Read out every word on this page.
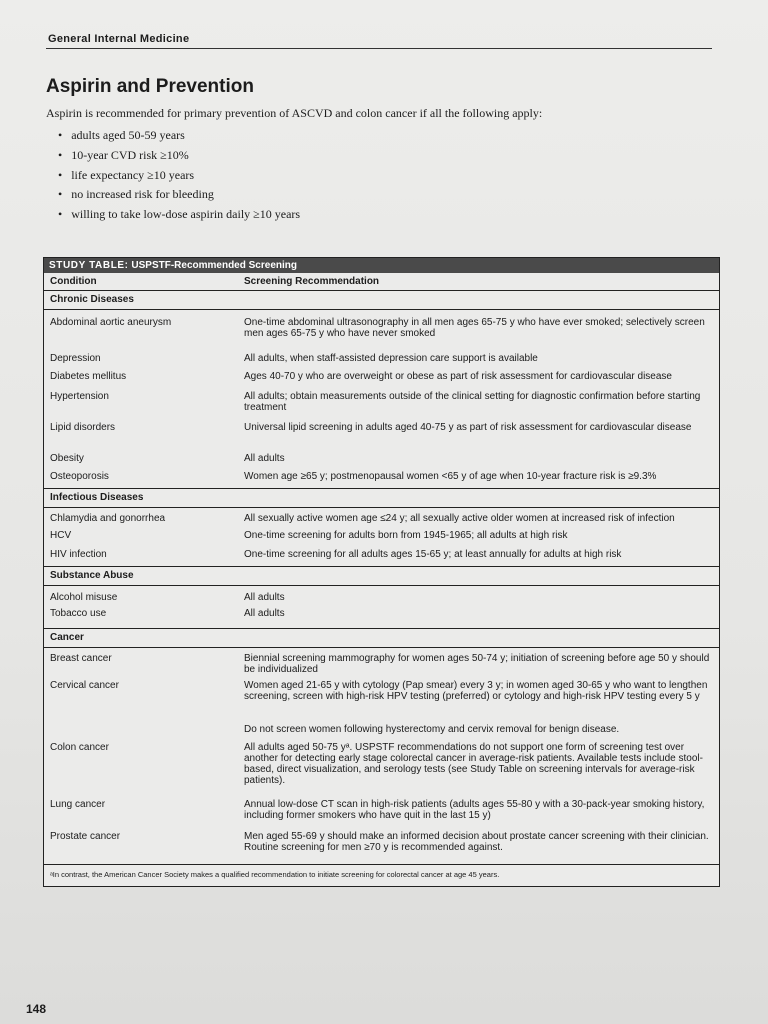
General Internal Medicine
Aspirin and Prevention
Aspirin is recommended for primary prevention of ASCVD and colon cancer if all the following apply:
• adults aged 50-59 years
• 10-year CVD risk ≥10%
• life expectancy ≥10 years
• no increased risk for bleeding
• willing to take low-dose aspirin daily ≥10 years
STUDY TABLE: USPSTF-Recommended Screening
Condition	Screening Recommendation
Chronic Diseases
Abdominal aortic aneurysm	One-time abdominal ultrasonography in all men ages 65-75 y who have ever smoked; selectively screen men ages 65-75 y who have never smoked
Depression	All adults, when staff-assisted depression care support is available
Diabetes mellitus	Ages 40-70 y who are overweight or obese as part of risk assessment for cardiovascular disease
Hypertension	All adults; obtain measurements outside of the clinical setting for diagnostic confirmation before starting treatment
Lipid disorders	Universal lipid screening in adults aged 40-75 y as part of risk assessment for cardiovascular disease
Obesity	All adults
Osteoporosis	Women age ≥65 y; postmenopausal women <65 y of age when 10-year fracture risk is ≥9.3%
Infectious Diseases
Chlamydia and gonorrhea	All sexually active women age ≤24 y; all sexually active older women at increased risk of infection
HCV	One-time screening for adults born from 1945-1965; all adults at high risk
HIV infection	One-time screening for all adults ages 15-65 y; at least annually for adults at high risk
Substance Abuse
Alcohol misuse	All adults
Tobacco use	All adults
Cancer
Breast cancer	Biennial screening mammography for women ages 50-74 y; initiation of screening before age 50 y should be individualized
Cervical cancer	Women aged 21-65 y with cytology (Pap smear) every 3 y; in women aged 30-65 y who want to lengthen screening, screen with high-risk HPV testing (preferred) or cytology and high-risk HPV testing every 5 y
Do not screen women following hysterectomy and cervix removal for benign disease.
Colon cancer	All adults aged 50-75 yᵃ. USPSTF recommendations do not support one form of screening test over another for detecting early stage colorectal cancer in average-risk patients. Available tests include stool-based, direct visualization, and serology tests (see Study Table on screening intervals for average-risk patients).
Lung cancer	Annual low-dose CT scan in high-risk patients (adults ages 55-80 y with a 30-pack-year smoking history, including former smokers who have quit in the last 15 y)
Prostate cancer	Men aged 55-69 y should make an informed decision about prostate cancer screening with their clinician. Routine screening for men ≥70 y is recommended against.
ᵃIn contrast, the American Cancer Society makes a qualified recommendation to initiate screening for colorectal cancer at age 45 years.
148
